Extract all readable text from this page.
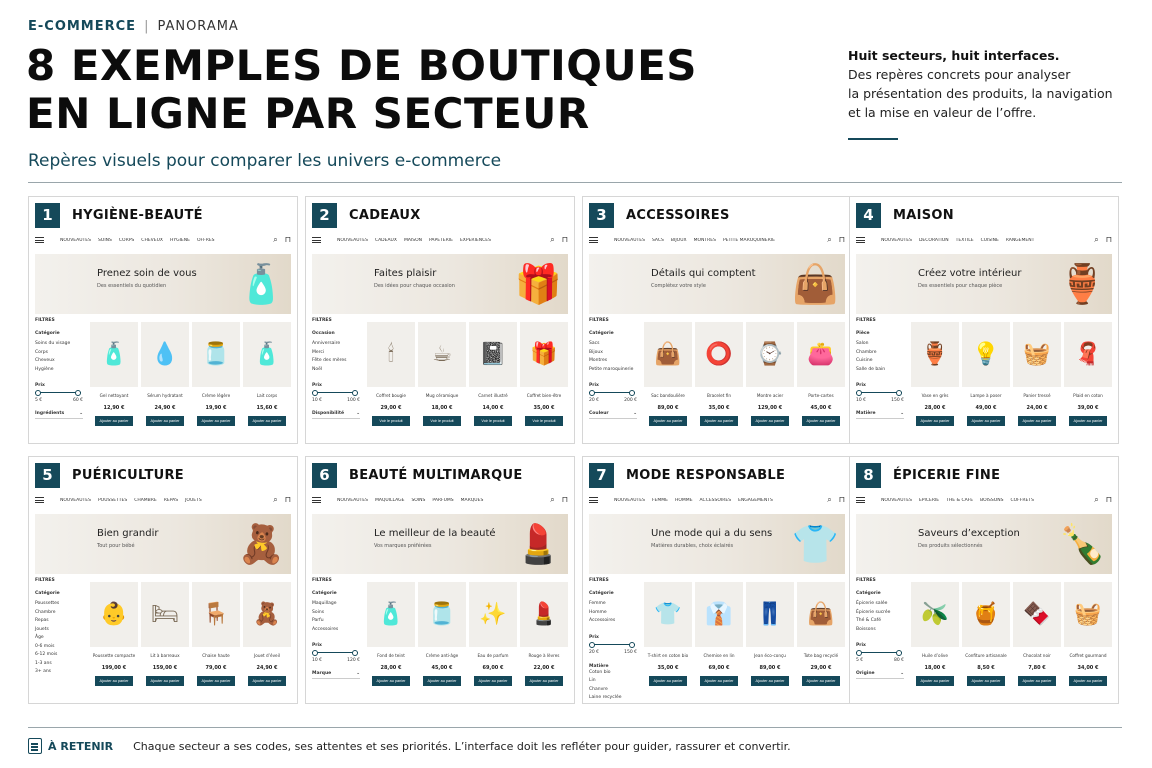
E-COMMERCE | PANORAMA
8 EXEMPLES DE BOUTIQUES
EN LIGNE PAR SECTEUR
Repères visuels pour comparer les univers e-commerce
Huit secteurs, huit interfaces.
Des repères concrets pour analyser
la présentation des produits, la navigation
et la mise en valeur de l’offre.
1	HYGIÈNE-BEAUTÉ
NOUVEAUTÉS SOINS CORPS CHEVEUX HYGIÈNE OFFRES	⌕ ⊓
Prenez soin de vous
Des essentiels du quotidien 🧴
FILTRES
Catégorie
Soins du visage
Corps
Cheveux
Hygiène
Prix
5 €	60 €
Ingrédients	⌄
🧴
Gel nettoyant
12,90 €
Ajouter au panier
💧
Sérum hydratant
24,90 €
Ajouter au panier
🫙
Crème légère
19,90 €
Ajouter au panier
🧴
Lait corps
15,60 €
Ajouter au panier
2	CADEAUX
NOUVEAUTÉS CADEAUX MAISON PAPETERIE EXPÉRIENCES	⌕ ⊓
Faites plaisir
Des idées pour chaque occasion 🎁
FILTRES
Occasion
Anniversaire
Merci
Fête des mères
Noël
Prix
10 €	100 €
Disponibilité	⌄
🕯
Coffret bougie
29,00 €
Voir le produit
☕
Mug céramique
18,00 €
Voir le produit
📓
Carnet illustré
14,00 €
Voir le produit
🎁
Coffret bien-être
35,00 €
Voir le produit
3	ACCESSOIRES
NOUVEAUTÉS SACS BIJOUX MONTRES PETITE MAROQUINERIE	⌕ ⊓
Détails qui comptent
Complétez votre style 👜
FILTRES
Catégorie
Sacs
Bijoux
Montres
Petite maroquinerie
Prix
20 €	200 €
Couleur	⌄
👜
Sac bandoulière
89,00 €
Ajouter au panier
⭕
Bracelet fin
35,00 €
Ajouter au panier
⌚
Montre acier
129,00 €
Ajouter au panier
👛
Porte-cartes
45,00 €
Ajouter au panier
4	MAISON
NOUVEAUTÉS DÉCORATION TEXTILE CUISINE RANGEMENT	⌕ ⊓
Créez votre intérieur
Des essentiels pour chaque pièce 🏺
FILTRES
Pièce
Salon
Chambre
Cuisine
Salle de bain
Prix
10 €	150 €
Matière	⌄
🏺
Vase en grès
28,00 €
Ajouter au panier
💡
Lampe à poser
49,00 €
Ajouter au panier
🧺
Panier tressé
24,00 €
Ajouter au panier
🧣
Plaid en coton
39,00 €
Ajouter au panier
5	PUÉRICULTURE
NOUVEAUTÉS POUSSETTES CHAMBRE REPAS JOUETS	⌕ ⊓
Bien grandir
Tout pour bébé	🧸
FILTRES
Catégorie
Poussettes
Chambre
Repas
Jouets
Âge
0-6 mois
6-12 mois
1-3 ans
3+ ans
👶
Poussette compacte
199,00 €
Ajouter au panier
🛏
Lit à barreaux
159,00 €
Ajouter au panier
🪑
Chaise haute
79,00 €
Ajouter au panier
🧸
Jouet d’éveil
24,90 €
Ajouter au panier
6	BEAUTÉ MULTIMARQUE
NOUVEAUTÉS MAQUILLAGE SOINS PARFUMS MARQUES	⌕ ⊓
Le meilleur de la beauté
Vos marques préférées 💄
FILTRES
Catégorie
Maquillage
Soins
Parfu
Accessoires
Prix
10 €	120 €
Marque	⌄
🧴
Fond de teint
28,00 €
Ajouter au panier
🫙
Crème anti-âge
45,00 €
Ajouter au panier
✨
Eau de parfum
69,00 €
Ajouter au panier
💄
Rouge à lèvres
22,00 €
Ajouter au panier
7	MODE RESPONSABLE
NOUVEAUTÉS FEMME HOMME ACCESSOIRES ENGAGEMENTS	⌕ ⊓
Une mode qui a du sens
Matières durables, choix éclairés 👕
FILTRES
Catégorie
Femme
Homme
Accessoires
Prix
20 €	150 €
Matière
Coton bio
Lin
Chanvre
Laine recyclée
👕
T-shirt en coton bio
35,00 €
Ajouter au panier
👔
Chemise en lin
69,00 €
Ajouter au panier
👖
Jean éco-conçu
89,00 €
Ajouter au panier
👜
Tote bag recyclé
29,00 €
Ajouter au panier
8	ÉPICERIE FINE
NOUVEAUTÉS ÉPICERIE THÉ & CAFÉ BOISSONS COFFRETS	⌕ ⊓
Saveurs d’exception
Des produits sélectionnés 🍾
FILTRES
Catégorie
Épicerie salée
Épicerie sucrée
Thé & Café
Boissons
Prix
5 €	80 €
Origine	⌄
🫒
Huile d’olive
18,00 €
Ajouter au panier
🍯
Confiture artisanale
8,50 €
Ajouter au panier
🍫
Chocolat noir
7,80 €
Ajouter au panier
🧺
Coffret gourmand
34,00 €
Ajouter au panier
À RETENIR Chaque secteur a ses codes, ses attentes et ses priorités. L’interface doit les refléter pour guider, rassurer et convertir.
